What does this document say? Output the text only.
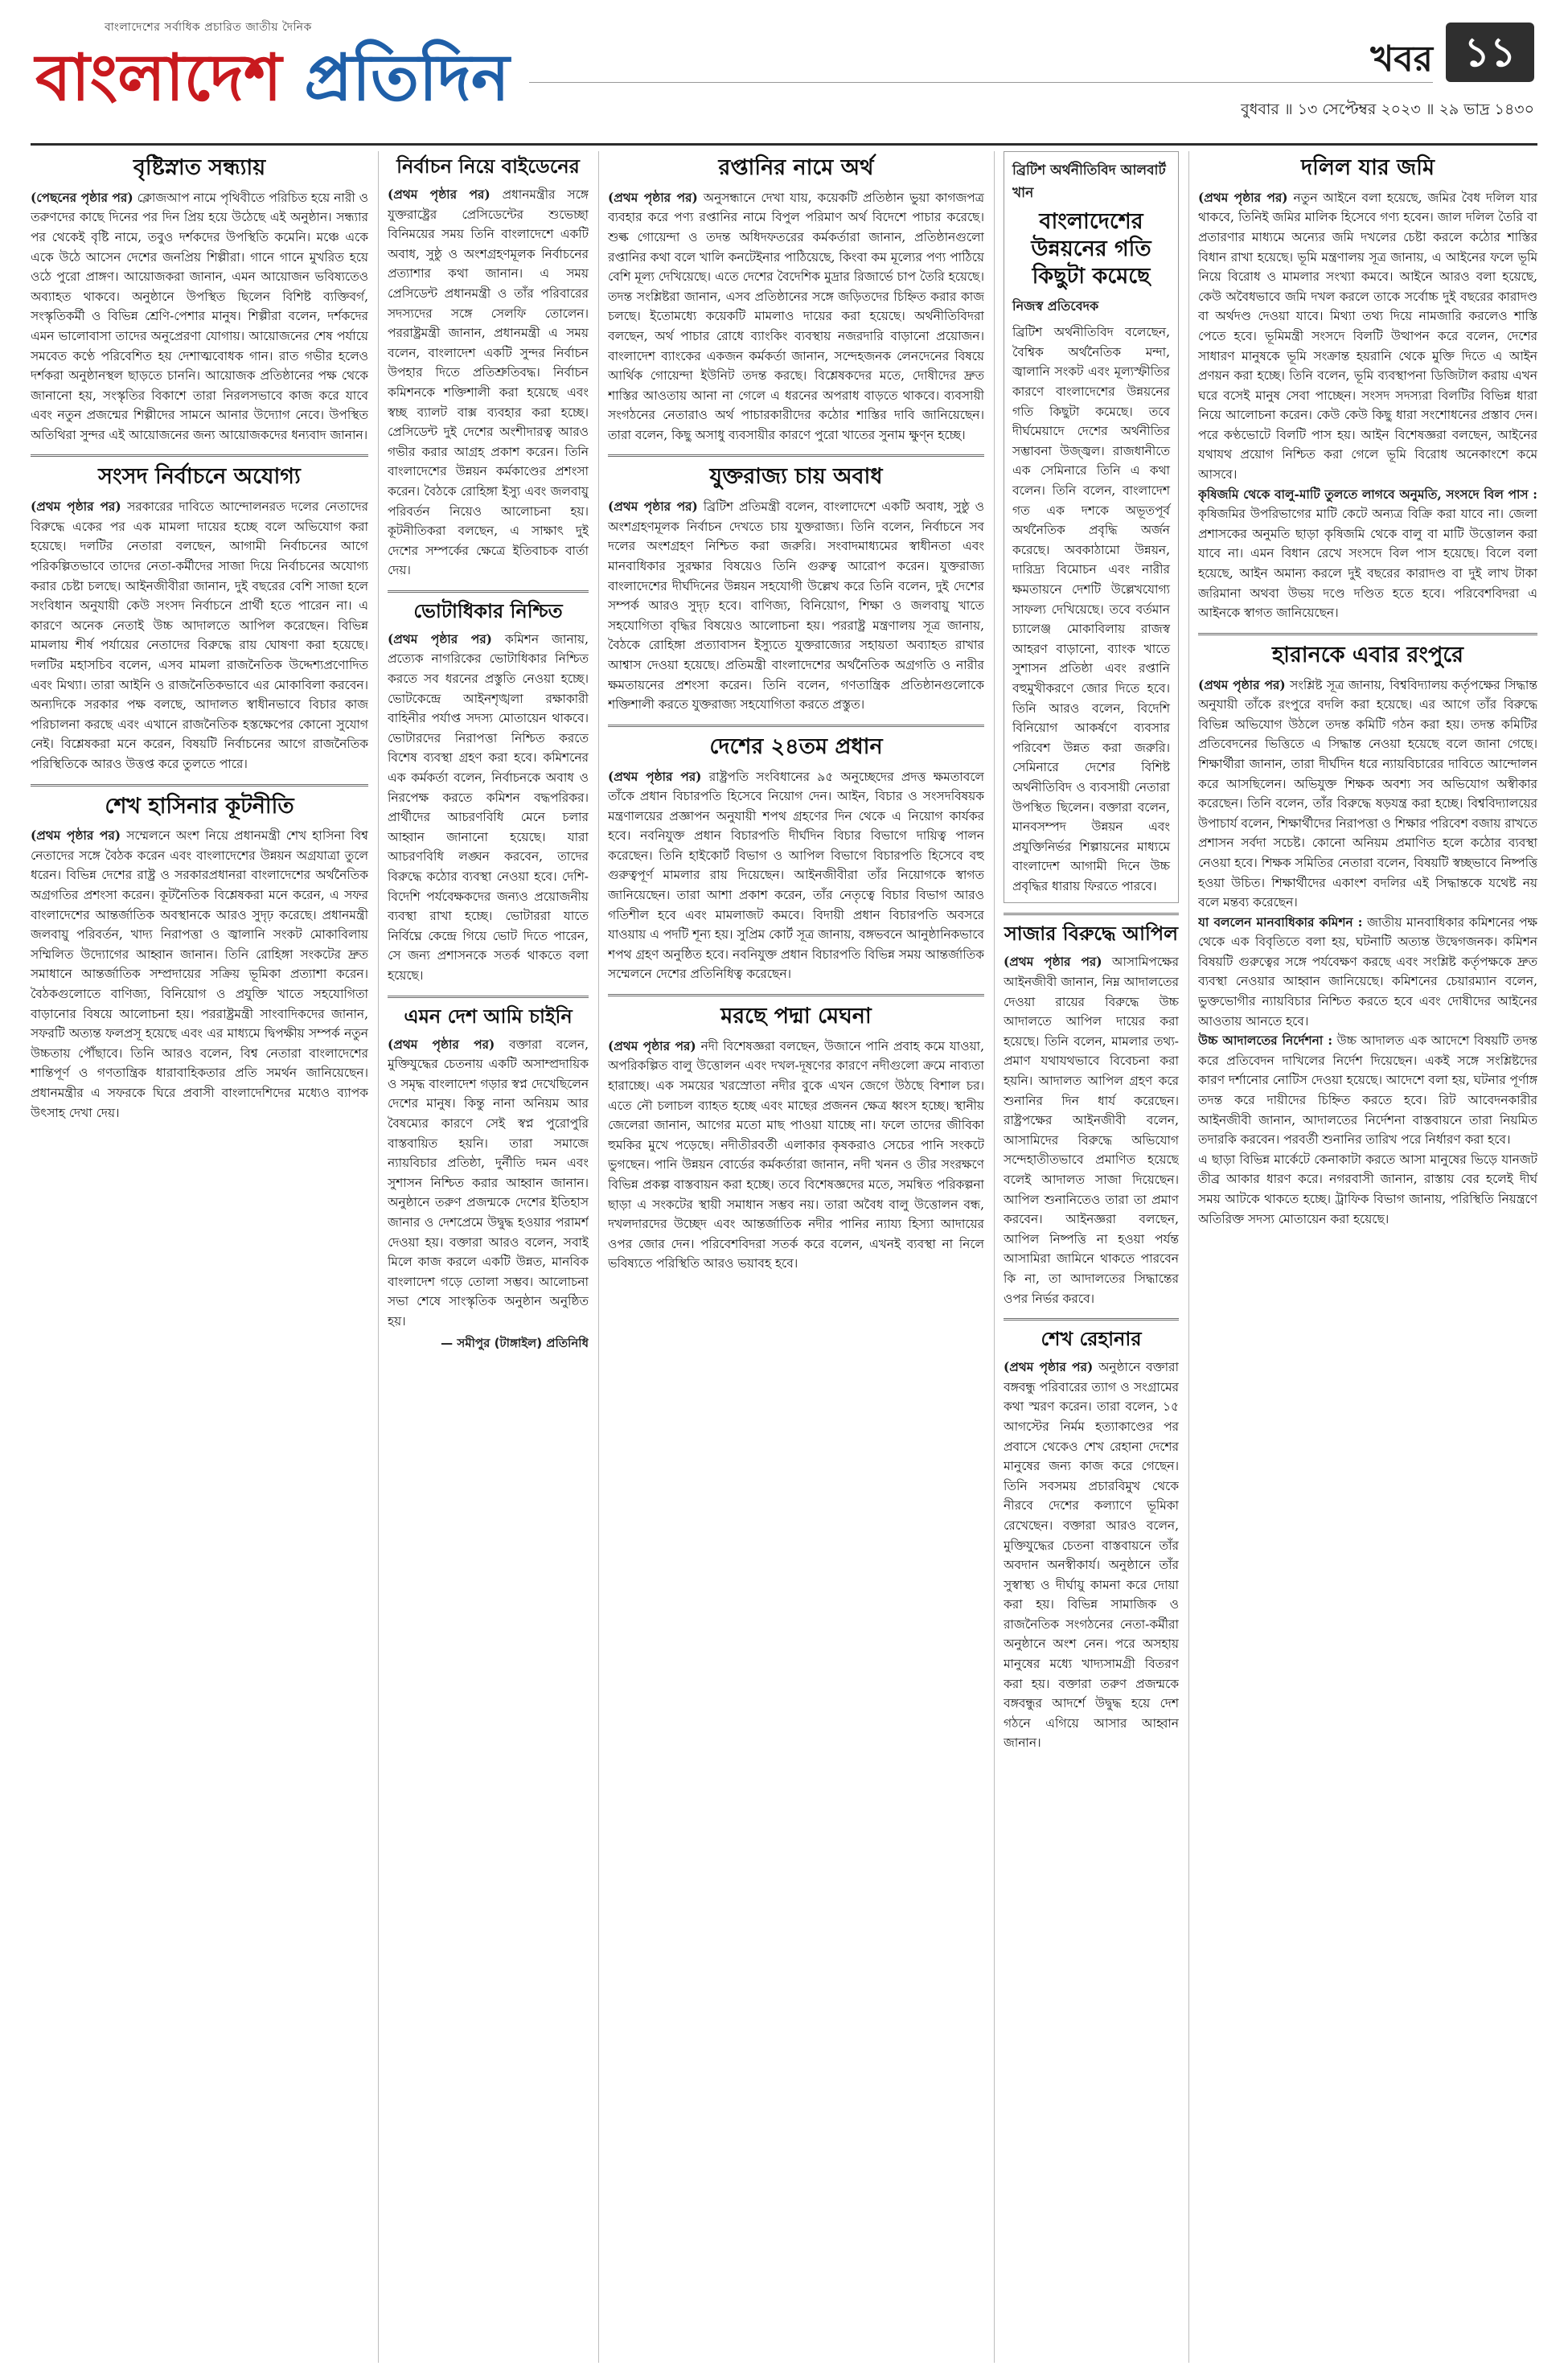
বাংলাদেশের সর্বাধিক প্রচারিত জাতীয় দৈনিক
বাংলাদেশ প্রতিদিন	খবর ১১
বুধবার ॥ ১৩ সেপ্টেম্বর ২০২৩ ॥ ২৯ ভাদ্র ১৪৩০
বৃষ্টিস্নাত সন্ধ্যায়

(পেছনের পৃষ্ঠার পর) ক্লোজআপ নামে পৃথিবীতে পরিচিত হয়ে নারী ও তরুণদের কাছে দিনের পর দিন প্রিয় হয়ে উঠেছে এই অনুষ্ঠান। সন্ধ্যার পর থেকেই বৃষ্টি নামে, তবুও দর্শকদের উপস্থিতি কমেনি। মঞ্চে একে একে উঠে আসেন দেশের জনপ্রিয় শিল্পীরা। গানে গানে মুখরিত হয়ে ওঠে পুরো প্রাঙ্গণ। আয়োজকরা জানান, এমন আয়োজন ভবিষ্যতেও অব্যাহত থাকবে। অনুষ্ঠানে উপস্থিত ছিলেন বিশিষ্ট ব্যক্তিবর্গ, সংস্কৃতিকর্মী ও বিভিন্ন শ্রেণি-পেশার মানুষ। শিল্পীরা বলেন, দর্শকদের এমন ভালোবাসা তাদের অনুপ্রেরণা যোগায়। আয়োজনের শেষ পর্যায়ে সমবেত কণ্ঠে পরিবেশিত হয় দেশাত্মবোধক গান। রাত গভীর হলেও দর্শকরা অনুষ্ঠানস্থল ছাড়তে চাননি। আয়োজক প্রতিষ্ঠানের পক্ষ থেকে জানানো হয়, সংস্কৃতির বিকাশে তারা নিরলসভাবে কাজ করে যাবে এবং নতুন প্রজন্মের শিল্পীদের সামনে আনার উদ্যোগ নেবে। উপস্থিত অতিথিরা সুন্দর এই আয়োজনের জন্য আয়োজকদের ধন্যবাদ জানান।

সংসদ নির্বাচনে অযোগ্য

(প্রথম পৃষ্ঠার পর) সরকারের দাবিতে আন্দোলনরত দলের নেতাদের বিরুদ্ধে একের পর এক মামলা দায়ের হচ্ছে বলে অভিযোগ করা হয়েছে। দলটির নেতারা বলছেন, আগামী নির্বাচনের আগে পরিকল্পিতভাবে তাদের নেতা-কর্মীদের সাজা দিয়ে নির্বাচনের অযোগ্য করার চেষ্টা চলছে। আইনজীবীরা জানান, দুই বছরের বেশি সাজা হলে সংবিধান অনুযায়ী কেউ সংসদ নির্বাচনে প্রার্থী হতে পারেন না। এ কারণে অনেক নেতাই উচ্চ আদালতে আপিল করেছেন। বিভিন্ন মামলায় শীর্ষ পর্যায়ের নেতাদের বিরুদ্ধে রায় ঘোষণা করা হয়েছে। দলটির মহাসচিব বলেন, এসব মামলা রাজনৈতিক উদ্দেশ্যপ্রণোদিত এবং মিথ্যা। তারা আইনি ও রাজনৈতিকভাবে এর মোকাবিলা করবেন। অন্যদিকে সরকার পক্ষ বলছে, আদালত স্বাধীনভাবে বিচার কাজ পরিচালনা করছে এবং এখানে রাজনৈতিক হস্তক্ষেপের কোনো সুযোগ নেই। বিশ্লেষকরা মনে করেন, বিষয়টি নির্বাচনের আগে রাজনৈতিক পরিস্থিতিকে আরও উত্তপ্ত করে তুলতে পারে।

শেখ হাসিনার কূটনীতি

(প্রথম পৃষ্ঠার পর) সম্মেলনে অংশ নিয়ে প্রধানমন্ত্রী শেখ হাসিনা বিশ্ব নেতাদের সঙ্গে বৈঠক করেন এবং বাংলাদেশের উন্নয়ন অগ্রযাত্রা তুলে ধরেন। বিভিন্ন দেশের রাষ্ট্র ও সরকারপ্রধানরা বাংলাদেশের অর্থনৈতিক অগ্রগতির প্রশংসা করেন। কূটনৈতিক বিশ্লেষকরা মনে করেন, এ সফর বাংলাদেশের আন্তর্জাতিক অবস্থানকে আরও সুদৃঢ় করেছে। প্রধানমন্ত্রী জলবায়ু পরিবর্তন, খাদ্য নিরাপত্তা ও জ্বালানি সংকট মোকাবিলায় সম্মিলিত উদ্যোগের আহ্বান জানান। তিনি রোহিঙ্গা সংকটের দ্রুত সমাধানে আন্তর্জাতিক সম্প্রদায়ের সক্রিয় ভূমিকা প্রত্যাশা করেন। বৈঠকগুলোতে বাণিজ্য, বিনিয়োগ ও প্রযুক্তি খাতে সহযোগিতা বাড়ানোর বিষয়ে আলোচনা হয়। পররাষ্ট্রমন্ত্রী সাংবাদিকদের জানান, সফরটি অত্যন্ত ফলপ্রসূ হয়েছে এবং এর মাধ্যমে দ্বিপক্ষীয় সম্পর্ক নতুন উচ্চতায় পৌঁছাবে। তিনি আরও বলেন, বিশ্ব নেতারা বাংলাদেশের শান্তিপূর্ণ ও গণতান্ত্রিক ধারাবাহিকতার প্রতি সমর্থন জানিয়েছেন। প্রধানমন্ত্রীর এ সফরকে ঘিরে প্রবাসী বাংলাদেশিদের মধ্যেও ব্যাপক উৎসাহ দেখা দেয়।

নির্বাচন নিয়ে বাইডেনের

(প্রথম পৃষ্ঠার পর) প্রধানমন্ত্রীর সঙ্গে যুক্তরাষ্ট্রের প্রেসিডেন্টের শুভেচ্ছা বিনিময়ের সময় তিনি বাংলাদেশে একটি অবাধ, সুষ্ঠু ও অংশগ্রহণমূলক নির্বাচনের প্রত্যাশার কথা জানান। এ সময় প্রেসিডেন্ট প্রধানমন্ত্রী ও তাঁর পরিবারের সদস্যদের সঙ্গে সেলফি তোলেন। পররাষ্ট্রমন্ত্রী জানান, প্রধানমন্ত্রী এ সময় বলেন, বাংলাদেশ একটি সুন্দর নির্বাচন উপহার দিতে প্রতিশ্রুতিবদ্ধ। নির্বাচন কমিশনকে শক্তিশালী করা হয়েছে এবং স্বচ্ছ ব্যালট বাক্স ব্যবহার করা হচ্ছে। প্রেসিডেন্ট দুই দেশের অংশীদারত্ব আরও গভীর করার আগ্রহ প্রকাশ করেন। তিনি বাংলাদেশের উন্নয়ন কর্মকাণ্ডের প্রশংসা করেন। বৈঠকে রোহিঙ্গা ইস্যু এবং জলবায়ু পরিবর্তন নিয়েও আলোচনা হয়। কূটনীতিকরা বলছেন, এ সাক্ষাৎ দুই দেশের সম্পর্কের ক্ষেত্রে ইতিবাচক বার্তা দেয়।

ভোটাধিকার নিশ্চিত

(প্রথম পৃষ্ঠার পর) কমিশন জানায়, প্রত্যেক নাগরিকের ভোটাধিকার নিশ্চিত করতে সব ধরনের প্রস্তুতি নেওয়া হচ্ছে। ভোটকেন্দ্রে আইনশৃঙ্খলা রক্ষাকারী বাহিনীর পর্যাপ্ত সদস্য মোতায়েন থাকবে। ভোটারদের নিরাপত্তা নিশ্চিত করতে বিশেষ ব্যবস্থা গ্রহণ করা হবে। কমিশনের এক কর্মকর্তা বলেন, নির্বাচনকে অবাধ ও নিরপেক্ষ করতে কমিশন বদ্ধপরিকর। প্রার্থীদের আচরণবিধি মেনে চলার আহ্বান জানানো হয়েছে। যারা আচরণবিধি লঙ্ঘন করবেন, তাদের বিরুদ্ধে কঠোর ব্যবস্থা নেওয়া হবে। দেশি-বিদেশি পর্যবেক্ষকদের জন্যও প্রয়োজনীয় ব্যবস্থা রাখা হচ্ছে। ভোটাররা যাতে নির্বিঘ্নে কেন্দ্রে গিয়ে ভোট দিতে পারেন, সে জন্য প্রশাসনকে সতর্ক থাকতে বলা হয়েছে।

এমন দেশ আমি চাইনি

(প্রথম পৃষ্ঠার পর) বক্তারা বলেন, মুক্তিযুদ্ধের চেতনায় একটি অসাম্প্রদায়িক ও সমৃদ্ধ বাংলাদেশ গড়ার স্বপ্ন দেখেছিলেন দেশের মানুষ। কিন্তু নানা অনিয়ম আর বৈষম্যের কারণে সেই স্বপ্ন পুরোপুরি বাস্তবায়িত হয়নি। তারা সমাজে ন্যায়বিচার প্রতিষ্ঠা, দুর্নীতি দমন এবং সুশাসন নিশ্চিত করার আহ্বান জানান। অনুষ্ঠানে তরুণ প্রজন্মকে দেশের ইতিহাস জানার ও দেশপ্রেমে উদ্বুদ্ধ হওয়ার পরামর্শ দেওয়া হয়। বক্তারা আরও বলেন, সবাই মিলে কাজ করলে একটি উন্নত, মানবিক বাংলাদেশ গড়ে তোলা সম্ভব। আলোচনা সভা শেষে সাংস্কৃতিক অনুষ্ঠান অনুষ্ঠিত হয়।

— সমীপুর (টাঙ্গাইল) প্রতিনিধি
রপ্তানির নামে অর্থ

(প্রথম পৃষ্ঠার পর) অনুসন্ধানে দেখা যায়, কয়েকটি প্রতিষ্ঠান ভুয়া কাগজপত্র ব্যবহার করে পণ্য রপ্তানির নামে বিপুল পরিমাণ অর্থ বিদেশে পাচার করেছে। শুল্ক গোয়েন্দা ও তদন্ত অধিদফতরের কর্মকর্তারা জানান, প্রতিষ্ঠানগুলো রপ্তানির কথা বলে খালি কনটেইনার পাঠিয়েছে, কিংবা কম মূল্যের পণ্য পাঠিয়ে বেশি মূল্য দেখিয়েছে। এতে দেশের বৈদেশিক মুদ্রার রিজার্ভে চাপ তৈরি হয়েছে। তদন্ত সংশ্লিষ্টরা জানান, এসব প্রতিষ্ঠানের সঙ্গে জড়িতদের চিহ্নিত করার কাজ চলছে। ইতোমধ্যে কয়েকটি মামলাও দায়ের করা হয়েছে। অর্থনীতিবিদরা বলছেন, অর্থ পাচার রোধে ব্যাংকিং ব্যবস্থায় নজরদারি বাড়ানো প্রয়োজন। বাংলাদেশ ব্যাংকের একজন কর্মকর্তা জানান, সন্দেহজনক লেনদেনের বিষয়ে আর্থিক গোয়েন্দা ইউনিট তদন্ত করছে। বিশ্লেষকদের মতে, দোষীদের দ্রুত শাস্তির আওতায় আনা না গেলে এ ধরনের অপরাধ বাড়তে থাকবে। ব্যবসায়ী সংগঠনের নেতারাও অর্থ পাচারকারীদের কঠোর শাস্তির দাবি জানিয়েছেন। তারা বলেন, কিছু অসাধু ব্যবসায়ীর কারণে পুরো খাতের সুনাম ক্ষুণ্ন হচ্ছে।

যুক্তরাজ্য চায় অবাধ

(প্রথম পৃষ্ঠার পর) ব্রিটিশ প্রতিমন্ত্রী বলেন, বাংলাদেশে একটি অবাধ, সুষ্ঠু ও অংশগ্রহণমূলক নির্বাচন দেখতে চায় যুক্তরাজ্য। তিনি বলেন, নির্বাচনে সব দলের অংশগ্রহণ নিশ্চিত করা জরুরি। সংবাদমাধ্যমের স্বাধীনতা এবং মানবাধিকার সুরক্ষার বিষয়েও তিনি গুরুত্ব আরোপ করেন। যুক্তরাজ্য বাংলাদেশের দীর্ঘদিনের উন্নয়ন সহযোগী উল্লেখ করে তিনি বলেন, দুই দেশের সম্পর্ক আরও সুদৃঢ় হবে। বাণিজ্য, বিনিয়োগ, শিক্ষা ও জলবায়ু খাতে সহযোগিতা বৃদ্ধির বিষয়েও আলোচনা হয়। পররাষ্ট্র মন্ত্রণালয় সূত্র জানায়, বৈঠকে রোহিঙ্গা প্রত্যাবাসন ইস্যুতে যুক্তরাজ্যের সহায়তা অব্যাহত রাখার আশ্বাস দেওয়া হয়েছে। প্রতিমন্ত্রী বাংলাদেশের অর্থনৈতিক অগ্রগতি ও নারীর ক্ষমতায়নের প্রশংসা করেন। তিনি বলেন, গণতান্ত্রিক প্রতিষ্ঠানগুলোকে শক্তিশালী করতে যুক্তরাজ্য সহযোগিতা করতে প্রস্তুত।

দেশের ২৪তম প্রধান

(প্রথম পৃষ্ঠার পর) রাষ্ট্রপতি সংবিধানের ৯৫ অনুচ্ছেদের প্রদত্ত ক্ষমতাবলে তাঁকে প্রধান বিচারপতি হিসেবে নিয়োগ দেন। আইন, বিচার ও সংসদবিষয়ক মন্ত্রণালয়ের প্রজ্ঞাপন অনুযায়ী শপথ গ্রহণের দিন থেকে এ নিয়োগ কার্যকর হবে। নবনিযুক্ত প্রধান বিচারপতি দীর্ঘদিন বিচার বিভাগে দায়িত্ব পালন করেছেন। তিনি হাইকোর্ট বিভাগ ও আপিল বিভাগে বিচারপতি হিসেবে বহু গুরুত্বপূর্ণ মামলার রায় দিয়েছেন। আইনজীবীরা তাঁর নিয়োগকে স্বাগত জানিয়েছেন। তারা আশা প্রকাশ করেন, তাঁর নেতৃত্বে বিচার বিভাগ আরও গতিশীল হবে এবং মামলাজট কমবে। বিদায়ী প্রধান বিচারপতি অবসরে যাওয়ায় এ পদটি শূন্য হয়। সুপ্রিম কোর্ট সূত্র জানায়, বঙ্গভবনে আনুষ্ঠানিকভাবে শপথ গ্রহণ অনুষ্ঠিত হবে। নবনিযুক্ত প্রধান বিচারপতি বিভিন্ন সময় আন্তর্জাতিক সম্মেলনে দেশের প্রতিনিধিত্ব করেছেন।

মরছে পদ্মা মেঘনা

(প্রথম পৃষ্ঠার পর) নদী বিশেষজ্ঞরা বলছেন, উজানে পানি প্রবাহ কমে যাওয়া, অপরিকল্পিত বালু উত্তোলন এবং দখল-দূষণের কারণে নদীগুলো ক্রমে নাব্যতা হারাচ্ছে। এক সময়ের খরস্রোতা নদীর বুকে এখন জেগে উঠছে বিশাল চর। এতে নৌ চলাচল ব্যাহত হচ্ছে এবং মাছের প্রজনন ক্ষেত্র ধ্বংস হচ্ছে। স্থানীয় জেলেরা জানান, আগের মতো মাছ পাওয়া যাচ্ছে না। ফলে তাদের জীবিকা হুমকির মুখে পড়েছে। নদীতীরবর্তী এলাকার কৃষকরাও সেচের পানি সংকটে ভুগছেন। পানি উন্নয়ন বোর্ডের কর্মকর্তারা জানান, নদী খনন ও তীর সংরক্ষণে বিভিন্ন প্রকল্প বাস্তবায়ন করা হচ্ছে। তবে বিশেষজ্ঞদের মতে, সমন্বিত পরিকল্পনা ছাড়া এ সংকটের স্থায়ী সমাধান সম্ভব নয়। তারা অবৈধ বালু উত্তোলন বন্ধ, দখলদারদের উচ্ছেদ এবং আন্তর্জাতিক নদীর পানির ন্যায্য হিস্যা আদায়ের ওপর জোর দেন। পরিবেশবিদরা সতর্ক করে বলেন, এখনই ব্যবস্থা না নিলে ভবিষ্যতে পরিস্থিতি আরও ভয়াবহ হবে।

ব্রিটিশ অর্থনীতিবিদ আলবার্ট খান
বাংলাদেশের উন্নয়নের গতি কিছুটা কমেছে
নিজস্ব প্রতিবেদক

ব্রিটিশ অর্থনীতিবিদ বলেছেন, বৈশ্বিক অর্থনৈতিক মন্দা, জ্বালানি সংকট এবং মূল্যস্ফীতির কারণে বাংলাদেশের উন্নয়নের গতি কিছুটা কমেছে। তবে দীর্ঘমেয়াদে দেশের অর্থনীতির সম্ভাবনা উজ্জ্বল। রাজধানীতে এক সেমিনারে তিনি এ কথা বলেন। তিনি বলেন, বাংলাদেশ গত এক দশকে অভূতপূর্ব অর্থনৈতিক প্রবৃদ্ধি অর্জন করেছে। অবকাঠামো উন্নয়ন, দারিদ্র্য বিমোচন এবং নারীর ক্ষমতায়নে দেশটি উল্লেখযোগ্য সাফল্য দেখিয়েছে। তবে বর্তমান চ্যালেঞ্জ মোকাবিলায় রাজস্ব আহরণ বাড়ানো, ব্যাংক খাতে সুশাসন প্রতিষ্ঠা এবং রপ্তানি বহুমুখীকরণে জোর দিতে হবে। তিনি আরও বলেন, বিদেশি বিনিয়োগ আকর্ষণে ব্যবসার পরিবেশ উন্নত করা জরুরি। সেমিনারে দেশের বিশিষ্ট অর্থনীতিবিদ ও ব্যবসায়ী নেতারা উপস্থিত ছিলেন। বক্তারা বলেন, মানবসম্পদ উন্নয়ন এবং প্রযুক্তিনির্ভর শিল্পায়নের মাধ্যমে বাংলাদেশ আগামী দিনে উচ্চ প্রবৃদ্ধির ধারায় ফিরতে পারবে।

সাজার বিরুদ্ধে আপিল

(প্রথম পৃষ্ঠার পর) আসামিপক্ষের আইনজীবী জানান, নিম্ন আদালতের দেওয়া রায়ের বিরুদ্ধে উচ্চ আদালতে আপিল দায়ের করা হয়েছে। তিনি বলেন, মামলার তথ্য-প্রমাণ যথাযথভাবে বিবেচনা করা হয়নি। আদালত আপিল গ্রহণ করে শুনানির দিন ধার্য করেছেন। রাষ্ট্রপক্ষের আইনজীবী বলেন, আসামিদের বিরুদ্ধে অভিযোগ সন্দেহাতীতভাবে প্রমাণিত হয়েছে বলেই আদালত সাজা দিয়েছেন। আপিল শুনানিতেও তারা তা প্রমাণ করবেন। আইনজ্ঞরা বলছেন, আপিল নিষ্পত্তি না হওয়া পর্যন্ত আসামিরা জামিনে থাকতে পারবেন কি না, তা আদালতের সিদ্ধান্তের ওপর নির্ভর করবে।

শেখ রেহানার

(প্রথম পৃষ্ঠার পর) অনুষ্ঠানে বক্তারা বঙ্গবন্ধু পরিবারের ত্যাগ ও সংগ্রামের কথা স্মরণ করেন। তারা বলেন, ১৫ আগস্টের নির্মম হত্যাকাণ্ডের পর প্রবাসে থেকেও শেখ রেহানা দেশের মানুষের জন্য কাজ করে গেছেন। তিনি সবসময় প্রচারবিমুখ থেকে নীরবে দেশের কল্যাণে ভূমিকা রেখেছেন। বক্তারা আরও বলেন, মুক্তিযুদ্ধের চেতনা বাস্তবায়নে তাঁর অবদান অনস্বীকার্য। অনুষ্ঠানে তাঁর সুস্বাস্থ্য ও দীর্ঘায়ু কামনা করে দোয়া করা হয়। বিভিন্ন সামাজিক ও রাজনৈতিক সংগঠনের নেতা-কর্মীরা অনুষ্ঠানে অংশ নেন। পরে অসহায় মানুষের মধ্যে খাদ্যসামগ্রী বিতরণ করা হয়। বক্তারা তরুণ প্রজন্মকে বঙ্গবন্ধুর আদর্শে উদ্বুদ্ধ হয়ে দেশ গঠনে এগিয়ে আসার আহ্বান জানান।

দলিল যার জমি

(প্রথম পৃষ্ঠার পর) নতুন আইনে বলা হয়েছে, জমির বৈধ দলিল যার থাকবে, তিনিই জমির মালিক হিসেবে গণ্য হবেন। জাল দলিল তৈরি বা প্রতারণার মাধ্যমে অন্যের জমি দখলের চেষ্টা করলে কঠোর শাস্তির বিধান রাখা হয়েছে। ভূমি মন্ত্রণালয় সূত্র জানায়, এ আইনের ফলে ভূমি নিয়ে বিরোধ ও মামলার সংখ্যা কমবে। আইনে আরও বলা হয়েছে, কেউ অবৈধভাবে জমি দখল করলে তাকে সর্বোচ্চ দুই বছরের কারাদণ্ড বা অর্থদণ্ড দেওয়া যাবে। মিথ্যা তথ্য দিয়ে নামজারি করলেও শাস্তি পেতে হবে। ভূমিমন্ত্রী সংসদে বিলটি উত্থাপন করে বলেন, দেশের সাধারণ মানুষকে ভূমি সংক্রান্ত হয়রানি থেকে মুক্তি দিতে এ আইন প্রণয়ন করা হচ্ছে। তিনি বলেন, ভূমি ব্যবস্থাপনা ডিজিটাল করায় এখন ঘরে বসেই মানুষ সেবা পাচ্ছেন। সংসদ সদস্যরা বিলটির বিভিন্ন ধারা নিয়ে আলোচনা করেন। কেউ কেউ কিছু ধারা সংশোধনের প্রস্তাব দেন। পরে কণ্ঠভোটে বিলটি পাস হয়। আইন বিশেষজ্ঞরা বলছেন, আইনের যথাযথ প্রয়োগ নিশ্চিত করা গেলে ভূমি বিরোধ অনেকাংশে কমে আসবে।

কৃষিজমি থেকে বালু-মাটি তুলতে লাগবে অনুমতি, সংসদে বিল পাস : কৃষিজমির উপরিভাগের মাটি কেটে অন্যত্র বিক্রি করা যাবে না। জেলা প্রশাসকের অনুমতি ছাড়া কৃষিজমি থেকে বালু বা মাটি উত্তোলন করা যাবে না। এমন বিধান রেখে সংসদে বিল পাস হয়েছে। বিলে বলা হয়েছে, আইন অমান্য করলে দুই বছরের কারাদণ্ড বা দুই লাখ টাকা জরিমানা অথবা উভয় দণ্ডে দণ্ডিত হতে হবে। পরিবেশবিদরা এ আইনকে স্বাগত জানিয়েছেন।

হারানকে এবার রংপুরে

(প্রথম পৃষ্ঠার পর) সংশ্লিষ্ট সূত্র জানায়, বিশ্ববিদ্যালয় কর্তৃপক্ষের সিদ্ধান্ত অনুযায়ী তাঁকে রংপুরে বদলি করা হয়েছে। এর আগে তাঁর বিরুদ্ধে বিভিন্ন অভিযোগ উঠলে তদন্ত কমিটি গঠন করা হয়। তদন্ত কমিটির প্রতিবেদনের ভিত্তিতে এ সিদ্ধান্ত নেওয়া হয়েছে বলে জানা গেছে। শিক্ষার্থীরা জানান, তারা দীর্ঘদিন ধরে ন্যায়বিচারের দাবিতে আন্দোলন করে আসছিলেন। অভিযুক্ত শিক্ষক অবশ্য সব অভিযোগ অস্বীকার করেছেন। তিনি বলেন, তাঁর বিরুদ্ধে ষড়যন্ত্র করা হচ্ছে। বিশ্ববিদ্যালয়ের উপাচার্য বলেন, শিক্ষার্থীদের নিরাপত্তা ও শিক্ষার পরিবেশ বজায় রাখতে প্রশাসন সর্বদা সচেষ্ট। কোনো অনিয়ম প্রমাণিত হলে কঠোর ব্যবস্থা নেওয়া হবে। শিক্ষক সমিতির নেতারা বলেন, বিষয়টি স্বচ্ছভাবে নিষ্পত্তি হওয়া উচিত। শিক্ষার্থীদের একাংশ বদলির এই সিদ্ধান্তকে যথেষ্ট নয় বলে মন্তব্য করেছেন।

যা বললেন মানবাধিকার কমিশন : জাতীয় মানবাধিকার কমিশনের পক্ষ থেকে এক বিবৃতিতে বলা হয়, ঘটনাটি অত্যন্ত উদ্বেগজনক। কমিশন বিষয়টি গুরুত্বের সঙ্গে পর্যবেক্ষণ করছে এবং সংশ্লিষ্ট কর্তৃপক্ষকে দ্রুত ব্যবস্থা নেওয়ার আহ্বান জানিয়েছে। কমিশনের চেয়ারম্যান বলেন, ভুক্তভোগীর ন্যায়বিচার নিশ্চিত করতে হবে এবং দোষীদের আইনের আওতায় আনতে হবে।

উচ্চ আদালতের নির্দেশনা : উচ্চ আদালত এক আদেশে বিষয়টি তদন্ত করে প্রতিবেদন দাখিলের নির্দেশ দিয়েছেন। একই সঙ্গে সংশ্লিষ্টদের কারণ দর্শানোর নোটিস দেওয়া হয়েছে। আদেশে বলা হয়, ঘটনার পূর্ণাঙ্গ তদন্ত করে দায়ীদের চিহ্নিত করতে হবে। রিট আবেদনকারীর আইনজীবী জানান, আদালতের নির্দেশনা বাস্তবায়নে তারা নিয়মিত তদারকি করবেন। পরবর্তী শুনানির তারিখ পরে নির্ধারণ করা হবে।

এ ছাড়া বিভিন্ন মার্কেটে কেনাকাটা করতে আসা মানুষের ভিড়ে যানজট তীব্র আকার ধারণ করে। নগরবাসী জানান, রাস্তায় বের হলেই দীর্ঘ সময় আটকে থাকতে হচ্ছে। ট্রাফিক বিভাগ জানায়, পরিস্থিতি নিয়ন্ত্রণে অতিরিক্ত সদস্য মোতায়েন করা হয়েছে।
